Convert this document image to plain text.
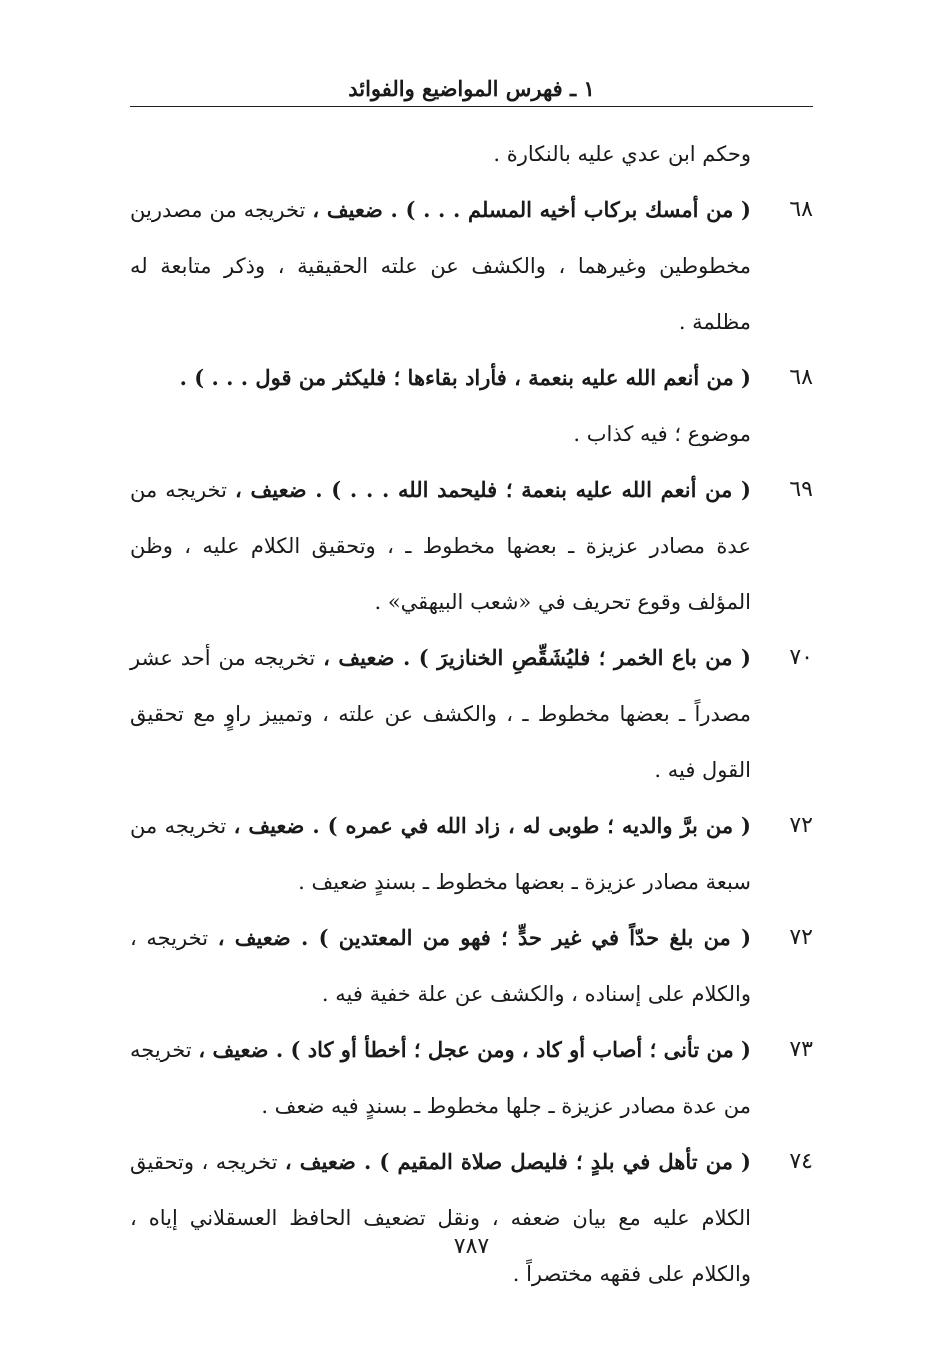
١ ـ فهرس المواضيع والفوائد
وحكم ابن عدي عليه بالنكارة .
٦٨
( من أمسك بركاب أخيه المسلم . . . ) . ضعيف ، تخريجه من مصدرين مخطوطين وغيرهما ، والكشف عن علته الحقيقية ، وذكر متابعة له مظلمة .
٦٨
( من أنعم الله عليه بنعمة ، فأراد بقاءها ؛ فليكثر من قول . . . ) .
موضوع ؛ فيه كذاب .
٦٩
( من أنعم الله عليه بنعمة ؛ فليحمد الله . . . ) . ضعيف ، تخريجه من عدة مصادر عزيزة ـ بعضها مخطوط ـ ، وتحقيق الكلام عليه ، وظن المؤلف وقوع تحريف في «شعب البيهقي» .
٧٠
( من باع الخمر ؛ فليُشَقِّصِ الخنازيرَ ) . ضعيف ، تخريجه من أحد عشر مصدراً ـ بعضها مخطوط ـ ، والكشف عن علته ، وتمييز راوٍ مع تحقيق القول فيه .
٧٢
( من برَّ والديه ؛ طوبى له ، زاد الله في عمره ) . ضعيف ، تخريجه من سبعة مصادر عزيزة ـ بعضها مخطوط ـ بسندٍ ضعيف .
٧٢
( من بلغ حدّاً في غير حدٍّ ؛ فهو من المعتدين ) . ضعيف ، تخريجه ، والكلام على إسناده ، والكشف عن علة خفية فيه .
٧٣
( من تأنى ؛ أصاب أو كاد ، ومن عجل ؛ أخطأ أو كاد ) . ضعيف ، تخريجه من عدة مصادر عزيزة ـ جلها مخطوط ـ بسندٍ فيه ضعف .
٧٤
( من تأهل في بلدٍ ؛ فليصل صلاة المقيم ) . ضعيف ، تخريجه ، وتحقيق الكلام عليه مع بيان ضعفه ، ونقل تضعيف الحافظ العسقلاني إياه ، والكلام على فقهه مختصراً .
٧٨٧
